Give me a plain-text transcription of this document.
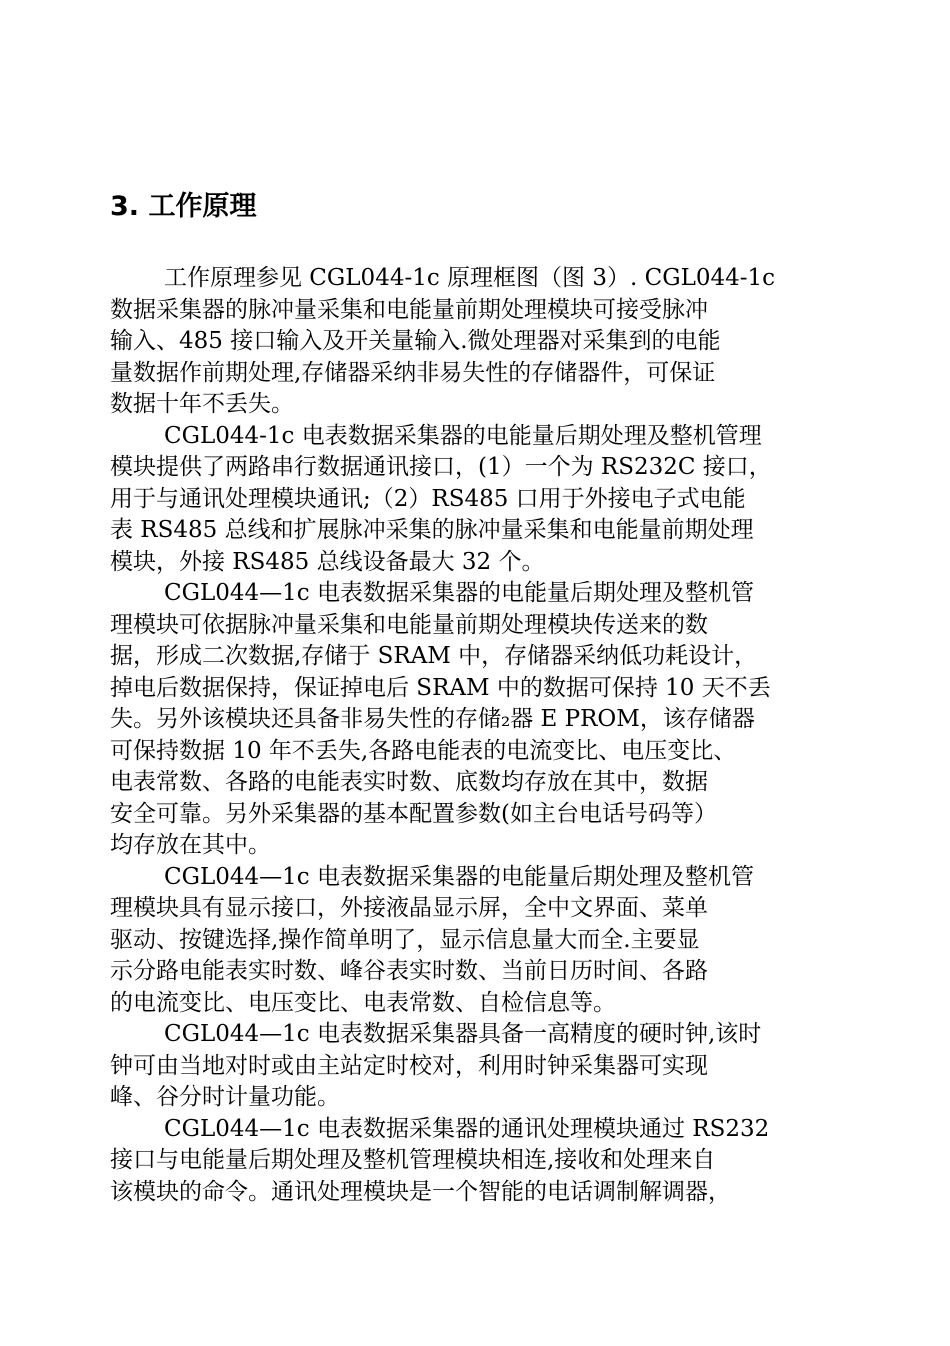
3. 工作原理
工作原理参见 CGL044-1c 原理框图（图 3）. CGL044-1c
数据采集器的脉冲量采集和电能量前期处理模块可接受脉冲
输入、485 接口输入及开关量输入.微处理器对采集到的电能
量数据作前期处理,存储器采纳非易失性的存储器件，可保证
数据十年不丢失。
CGL044-1c 电表数据采集器的电能量后期处理及整机管理
模块提供了两路串行数据通讯接口，(1）一个为 RS232C 接口，
用于与通讯处理模块通讯;（2）RS485 口用于外接电子式电能
表 RS485 总线和扩展脉冲采集的脉冲量采集和电能量前期处理
模块，外接 RS485 总线设备最大 32 个。
CGL044—1c 电表数据采集器的电能量后期处理及整机管
理模块可依据脉冲量采集和电能量前期处理模块传送来的数
据，形成二次数据,存储于 SRAM 中，存储器采纳低功耗设计，
掉电后数据保持，保证掉电后 SRAM 中的数据可保持 10 天不丢
失。另外该模块还具备非易失性的存储₂器 E PROM，该存储器
可保持数据 10 年不丢失,各路电能表的电流变比、电压变比、
电表常数、各路的电能表实时数、底数均存放在其中，数据
安全可靠。另外采集器的基本配置参数(如主台电话号码等）
均存放在其中。
CGL044—1c 电表数据采集器的电能量后期处理及整机管
理模块具有显示接口，外接液晶显示屏，全中文界面、菜单
驱动、按键选择,操作简单明了，显示信息量大而全.主要显
示分路电能表实时数、峰谷表实时数、当前日历时间、各路
的电流变比、电压变比、电表常数、自检信息等。
CGL044—1c 电表数据采集器具备一高精度的硬时钟,该时
钟可由当地对时或由主站定时校对，利用时钟采集器可实现
峰、谷分时计量功能。
CGL044—1c 电表数据采集器的通讯处理模块通过 RS232
接口与电能量后期处理及整机管理模块相连,接收和处理来自
该模块的命令。通讯处理模块是一个智能的电话调制解调器，
